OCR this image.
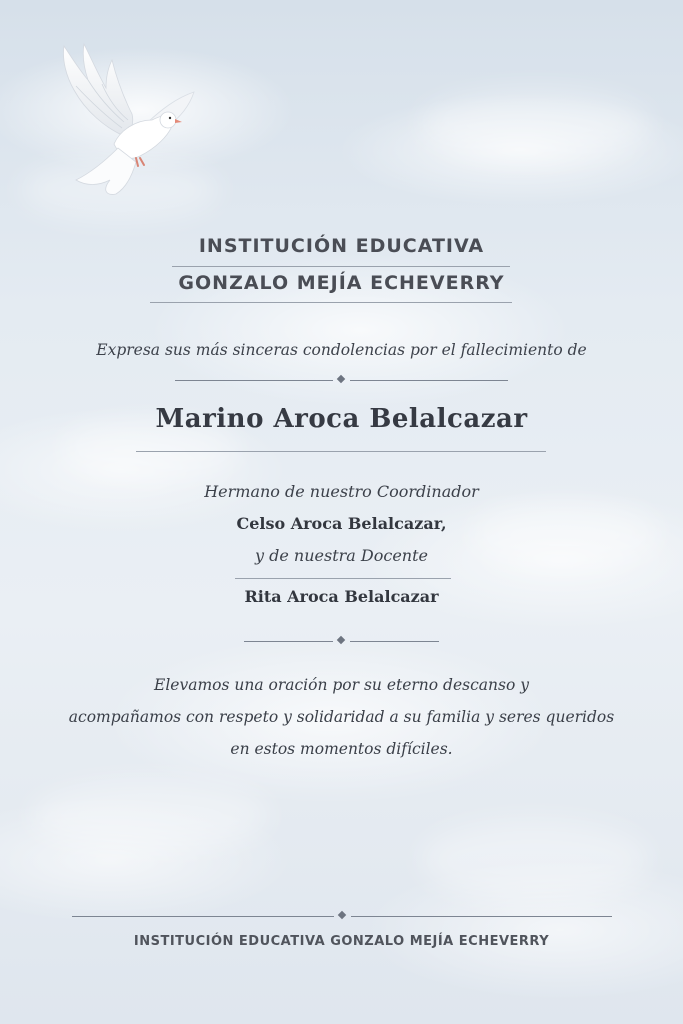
INSTITUCIÓN EDUCATIVA
GONZALO MEJÍA ECHEVERRY
Expresa sus más sinceras condolencias por el fallecimiento de
Marino Aroca Belalcazar
Hermano de nuestro Coordinador
Celso Aroca Belalcazar,
y de nuestra Docente
Rita Aroca Belalcazar
Elevamos una oración por su eterno descanso y
acompañamos con respeto y solidaridad a su familia y seres queridos
en estos momentos difíciles.
INSTITUCIÓN EDUCATIVA GONZALO MEJÍA ECHEVERRY
